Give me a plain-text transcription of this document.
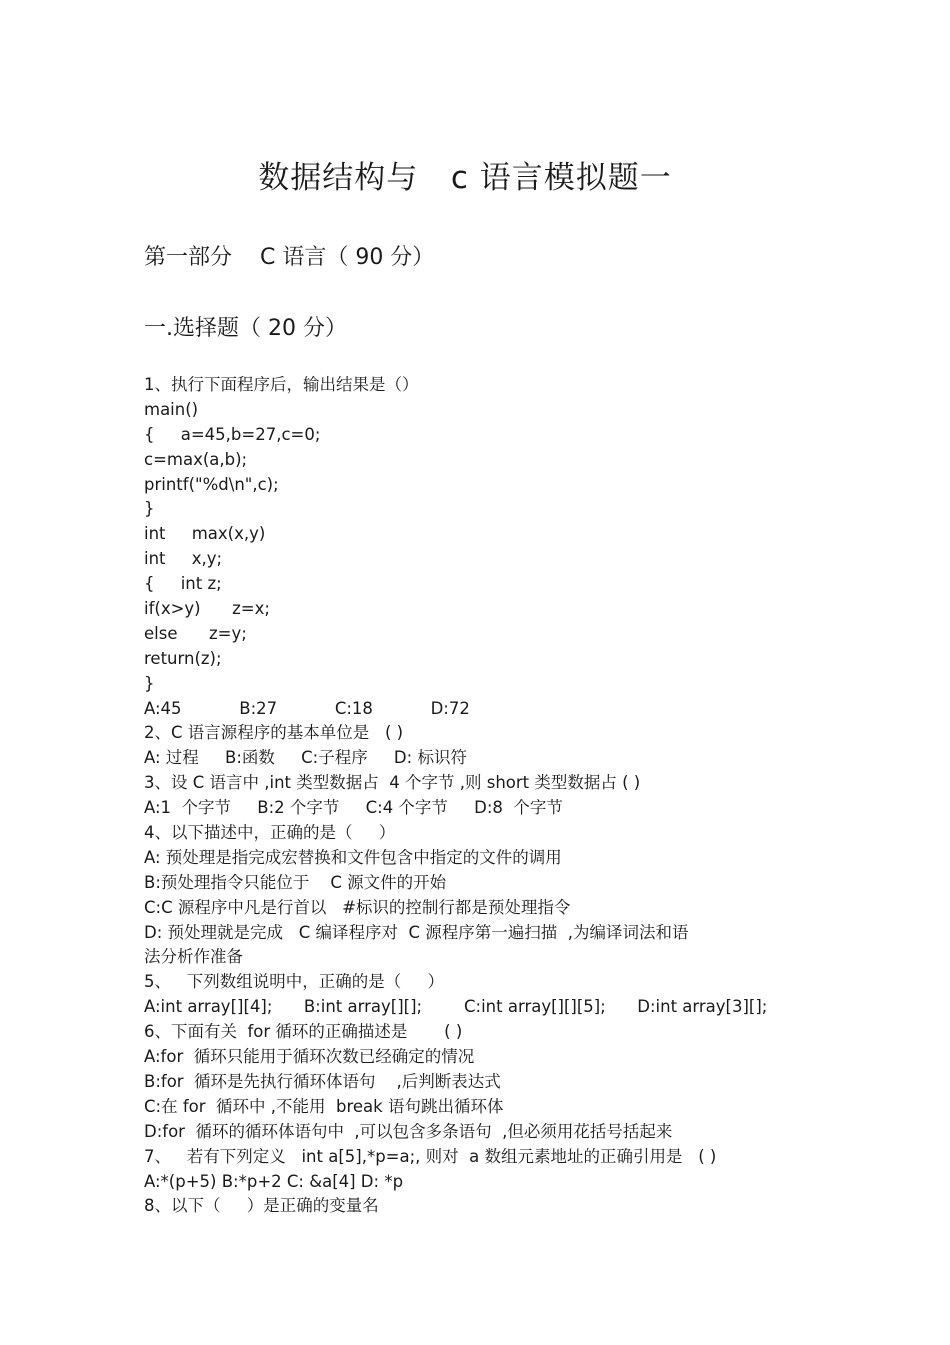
数据结构与   c 语言模拟题一
第一部分    C 语言（ 90 分）
一.选择题（ 20 分）
1、执行下面程序后，输出结果是（）
main()
{     a=45,b=27,c=0;
c=max(a,b);
printf("%d\n",c);
}
int     max(x,y)
int     x,y;
{     int z;
if(x>y)      z=x;
else      z=y;
return(z);
}
A:45           B:27           C:18           D:72
2、C 语言源程序的基本单位是   ( )
A: 过程     B:函数     C:子程序     D: 标识符
3、设 C 语言中 ,int 类型数据占  4 个字节 ,则 short 类型数据占 ( )
A:1  个字节     B:2 个字节     C:4 个字节     D:8  个字节
4、以下描述中，正确的是（     ）
A: 预处理是指完成宏替换和文件包含中指定的文件的调用
B:预处理指令只能位于    C 源文件的开始
C:C 源程序中凡是行首以   #标识的控制行都是预处理指令
D: 预处理就是完成   C 编译程序对  C 源程序第一遍扫描  ,为编译词法和语
法分析作准备
5、   下列数组说明中，正确的是（     ）
A:int array[][4];      B:int array[][];        C:int array[][][5];      D:int array[3][];
6、下面有关  for 循环的正确描述是       ( )
A:for  循环只能用于循环次数已经确定的情况
B:for  循环是先执行循环体语句    ,后判断表达式
C:在 for  循环中 ,不能用  break 语句跳出循环体
D:for  循环的循环体语句中  ,可以包含多条语句  ,但必须用花括号括起来
7、   若有下列定义   int a[5],*p=a;, 则对  a 数组元素地址的正确引用是   ( )
A:*(p+5) B:*p+2 C: &a[4] D: *p
8、以下（     ）是正确的变量名
